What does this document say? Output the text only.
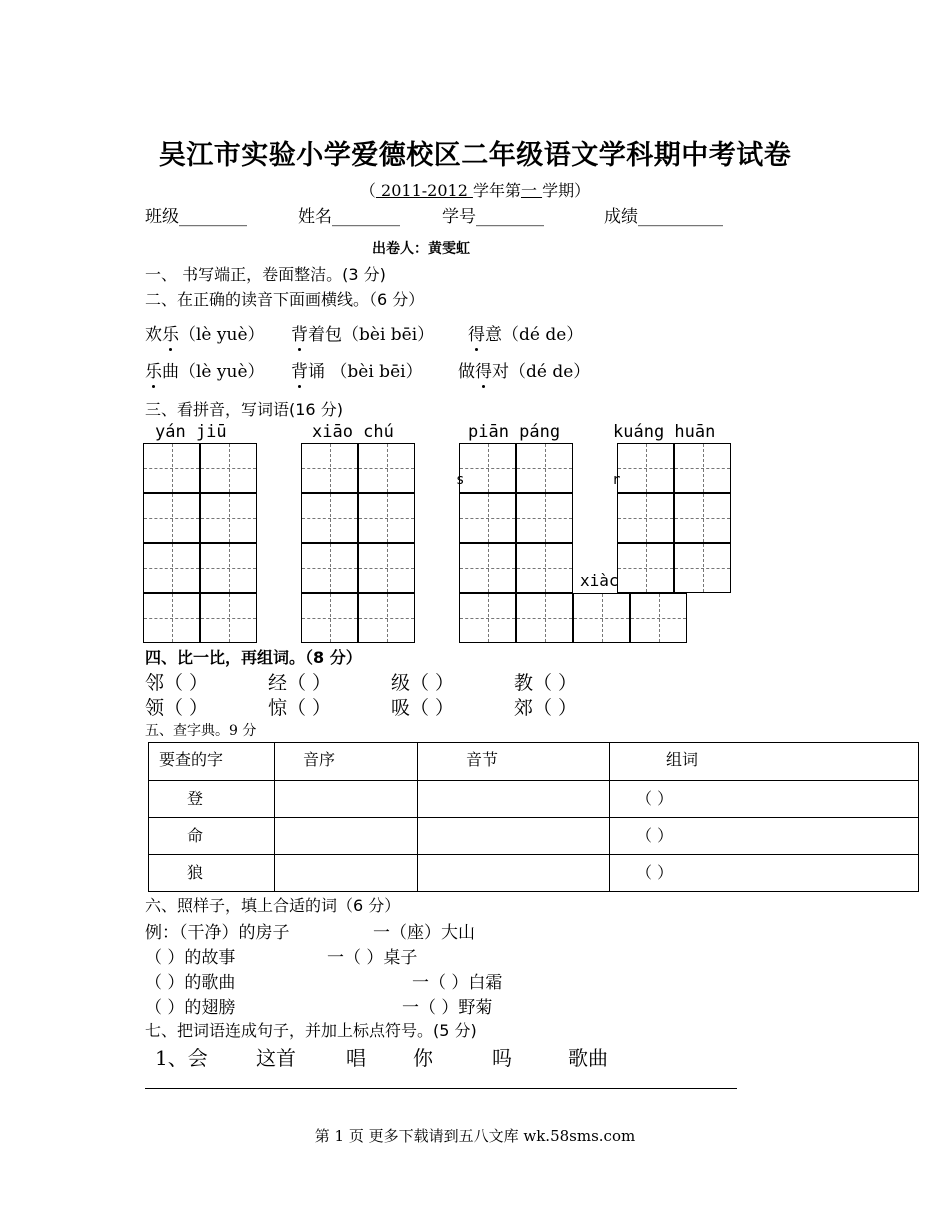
吴江市实验小学爱德校区二年级语文学科期中考试卷
（ 2011-2012 学年第一 学期）
班级________	姓名________ 学号________	成绩__________
出卷人：黄雯虹
一、 书写端正，卷面整洁。(3 分)
二、在正确的读音下面画横线。（6 分）
欢乐（lè yuè） 背着包（bèi bēi） 得意（dé de）
乐曲（lè yuè） 背诵 （bèi bēi） 做得对（dé de）
三、看拼音，写词语(16 分)
yán jiū	xiāo chú	piān páng	kuáng huān
xiàc
s	r
四、比一比，再组词。（8 分）
邻（ ）	经（ ）	级（ ）	教（ ）
领（ ）	惊（ ）	吸（ ）	郊（ ）
五、查字典。9 分
要查的字	音序	音节	组词
登			（ ）
命			（ ）
狼			（ ）
六、照样子，填上合适的词（6 分）
例：（干净）的房子	一（座）大山
（ ）的故事	一（ ）桌子
（ ）的歌曲	一（ ）白霜
（ ）的翅膀	一（ ）野菊
七、把词语连成句子，并加上标点符号。(5 分)
1、会 这首	唱 你	吗	歌曲
第 1 页 更多下载请到五八文库 wk.58sms.com
